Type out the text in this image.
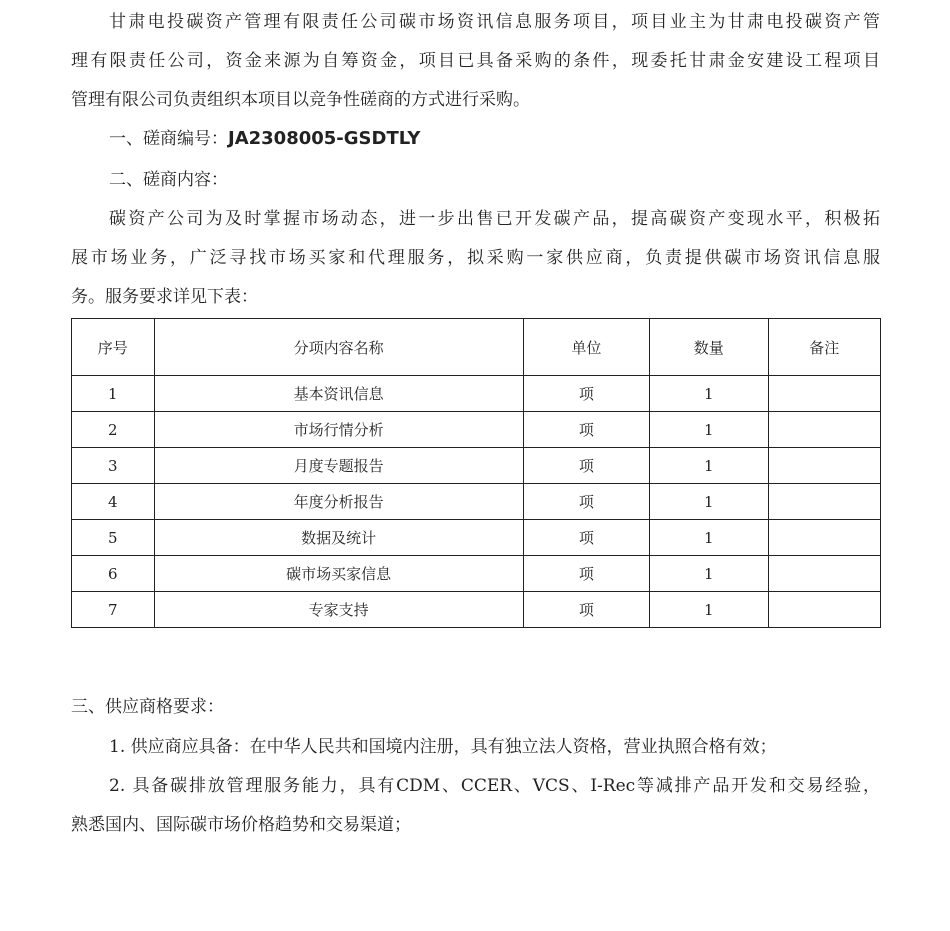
甘肃电投碳资产管理有限责任公司碳市场资讯信息服务项目，项目业主为甘肃电投碳资产管
理有限责任公司，资金来源为自筹资金，项目已具备采购的条件，现委托甘肃金安建设工程项目
管理有限公司负责组织本项目以竞争性磋商的方式进行采购。
一、磋商编号：JA2308005-GSDTLY
二、磋商内容：
碳资产公司为及时掌握市场动态，进一步出售已开发碳产品，提高碳资产变现水平，积极拓
展市场业务，广泛寻找市场买家和代理服务，拟采购一家供应商，负责提供碳市场资讯信息服
务。服务要求详见下表：
序号	分项内容名称	单位	数量	备注
1	基本资讯信息	项	1	
2	市场行情分析	项	1	
3	月度专题报告	项	1	
4	年度分析报告	项	1	
5	数据及统计	项	1	
6	碳市场买家信息	项	1	
7	专家支持	项	1	
三、供应商格要求：
1. 供应商应具备：在中华人民共和国境内注册，具有独立法人资格，营业执照合格有效；
2. 具备碳排放管理服务能力，具有CDM、CCER、VCS、I-Rec等减排产品开发和交易经验，
熟悉国内、国际碳市场价格趋势和交易渠道；
